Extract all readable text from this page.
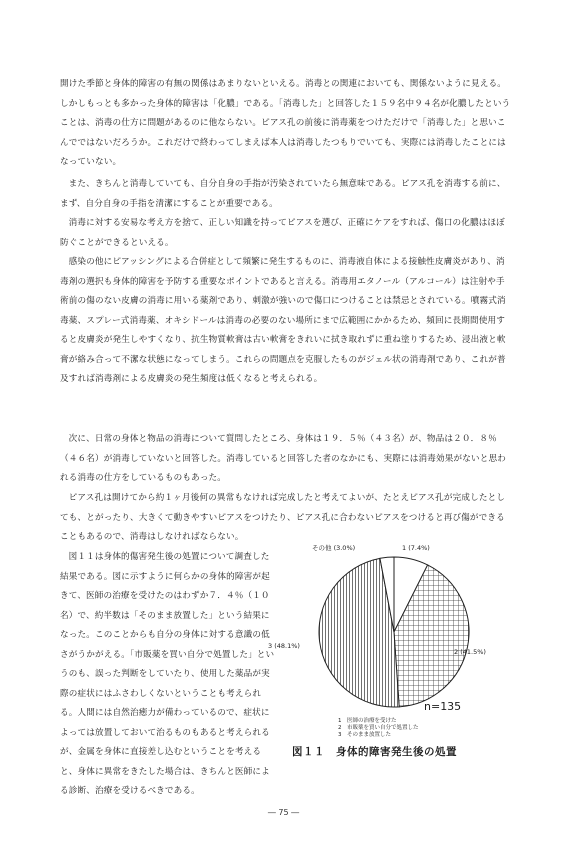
開けた季節と身体的障害の有無の関係はあまりないといえる。消毒との関連においても、関係ないように見える。しかしもっとも多かった身体的障害は「化膿」である。「消毒した」と回答した１５９名中９４名が化膿したということは、消毒の仕方に問題があるのに他ならない。ピアス孔の前後に消毒薬をつけただけで「消毒した」と思いこんでではないだろうか。これだけで終わってしまえば本人は消毒したつもりでいても、実際には消毒したことにはなっていない。

また、きちんと消毒していても、自分自身の手指が汚染されていたら無意味である。ピアス孔を消毒する前に、まず、自分自身の手指を清潔にすることが重要である。

消毒に対する安易な考え方を捨て、正しい知識を持ってピアスを選び、正確にケアをすれば、傷口の化膿はほぼ防ぐことができるといえる。

感染の他にピアッシングによる合併症として頻繁に発生するものに、消毒液自体による接触性皮膚炎があり、消毒剤の選択も身体的障害を予防する重要なポイントであると言える。消毒用エタノール（アルコール）は注射や手術前の傷のない皮膚の消毒に用いる薬剤であり、刺激が強いので傷口につけることは禁忌とされている。噴霧式消毒薬、スプレー式消毒薬、オキシドールは消毒の必要のない場所にまで広範囲にかかるため、頻回に長期間使用すると皮膚炎が発生しやすくなり、抗生物質軟膏は古い軟膏をきれいに拭き取れずに重ね塗りするため、浸出液と軟膏が絡み合って不潔な状態になってしまう。これらの問題点を克服したものがジェル状の消毒剤であり、これが普及すれば消毒剤による皮膚炎の発生頻度は低くなると考えられる。

次に、日常の身体と物品の消毒について質問したところ、身体は１９．５％（４３名）が、物品は２０．８％（４６名）が消毒していないと回答した。消毒していると回答した者のなかにも、実際には消毒効果がないと思われる消毒の仕方をしているものもあった。

ピアス孔は開けてから約１ヶ月後何の異常もなければ完成したと考えてよいが、たとえピアス孔が完成したとしても、とがったり、大きくて動きやすいピアスをつけたり、ピアス孔に合わないピアスをつけると再び傷ができることもあるので、消毒はしなければならない。

図１１は身体的傷害発生後の処置について調査した結果である。図に示すように何らかの身体的障害が起きて、医師の治療を受けたのはわずか７．４％（１０名）で、約半数は「そのまま放置した」という結果になった。このことからも自分の身体に対する意識の低さがうかがえる。「市販薬を買い自分で処置した」というのも、誤った判断をしていたり、使用した薬品が実際の症状にはふさわしくないということも考えられる。人間には自然治癒力が備わっているので、症状によっては放置しておいて治るものもあると考えられるが、金属を身体に直接差し込むということを考えると、身体に異常をきたした場合は、きちんと医師による診断、治療を受けるべきである。

その他 (3.0%)	1 (7.4%)
2 (41.5%)
3 (48.1%)
n=135
1　医師の治療を受けた
2　市販薬を買い自分で処置した
3　そのまま放置した
図１１　身体的障害発生後の処置
― 75 ―
